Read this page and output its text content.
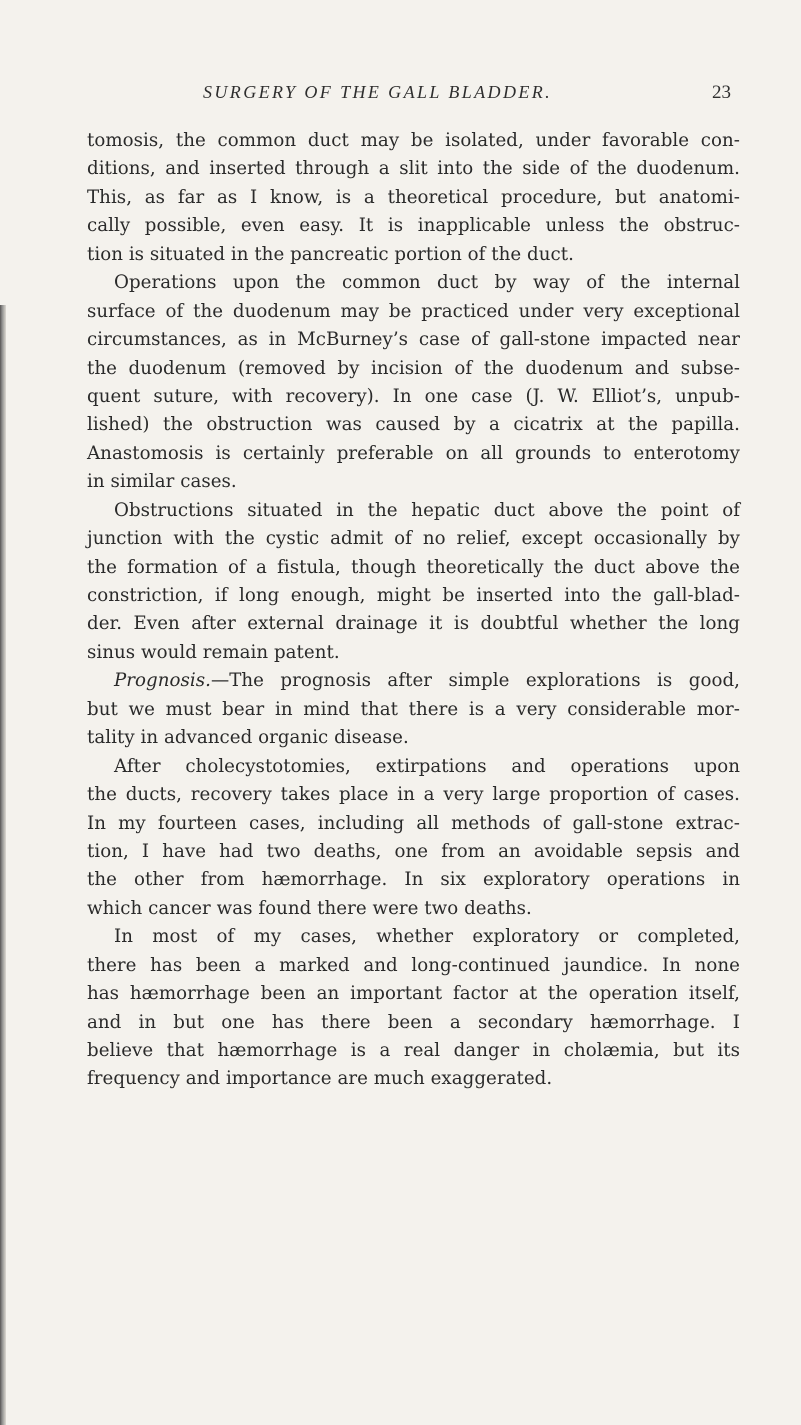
SURGERY OF THE GALL BLADDER.	23
tomosis, the common duct may be isolated, under favorable con-
ditions, and inserted through a slit into the side of the duodenum.
This, as far as I know, is a theoretical procedure, but anatomi-
cally possible, even easy. It is inapplicable unless the obstruc-
tion is situated in the pancreatic portion of the duct.
Operations upon the common duct by way of the internal
surface of the duodenum may be practiced under very exceptional
circumstances, as in McBurney’s case of gall-stone impacted near
the duodenum (removed by incision of the duodenum and subse-
quent suture, with recovery). In one case (J. W. Elliot’s, unpub-
lished) the obstruction was caused by a cicatrix at the papilla.
Anastomosis is certainly preferable on all grounds to enterotomy
in similar cases.
Obstructions situated in the hepatic duct above the point of
junction with the cystic admit of no relief, except occasionally by
the formation of a fistula, though theoretically the duct above the
constriction, if long enough, might be inserted into the gall-blad-
der. Even after external drainage it is doubtful whether the long
sinus would remain patent.
Prognosis.—The prognosis after simple explorations is good,
but we must bear in mind that there is a very considerable mor-
tality in advanced organic disease.
After cholecystotomies, extirpations and operations upon
the ducts, recovery takes place in a very large proportion of cases.
In my fourteen cases, including all methods of gall-stone extrac-
tion, I have had two deaths, one from an avoidable sepsis and
the other from hæmorrhage. In six exploratory operations in
which cancer was found there were two deaths.
In most of my cases, whether exploratory or completed,
there has been a marked and long-continued jaundice. In none
has hæmorrhage been an important factor at the operation itself,
and in but one has there been a secondary hæmorrhage. I
believe that hæmorrhage is a real danger in cholæmia, but its
frequency and importance are much exaggerated.
